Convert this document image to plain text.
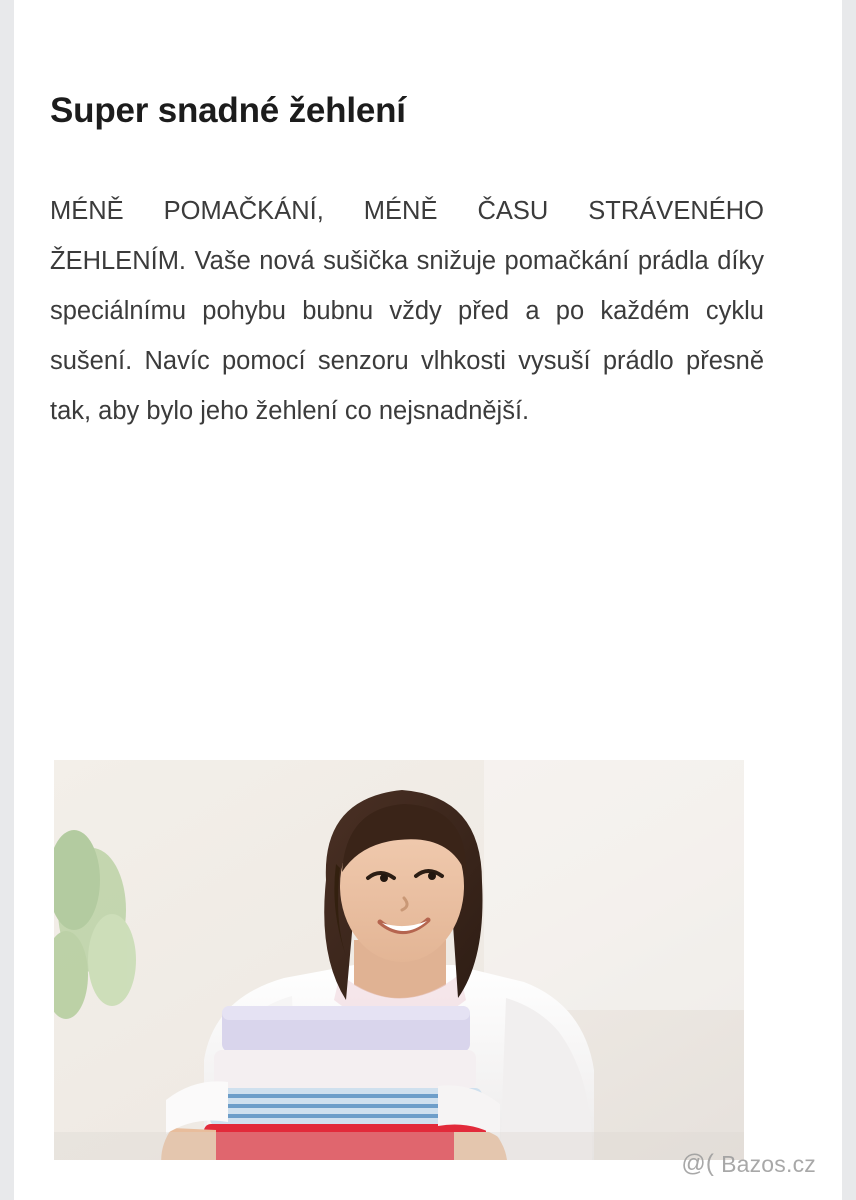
Super snadné žehlení

MÉNĚ POMAČKÁNÍ, MÉNĚ ČASU STRÁVENÉHO ŽEHLENÍM. Vaše nová sušička snižuje pomačkání prádla díky speciálnímu pohybu bubnu vždy před a po každém cyklu sušení. Navíc pomocí senzoru vlhkosti vysuší prádlo přesně tak, aby bylo jeho žehlení co nejsnadnější.

@( Bazos.cz
